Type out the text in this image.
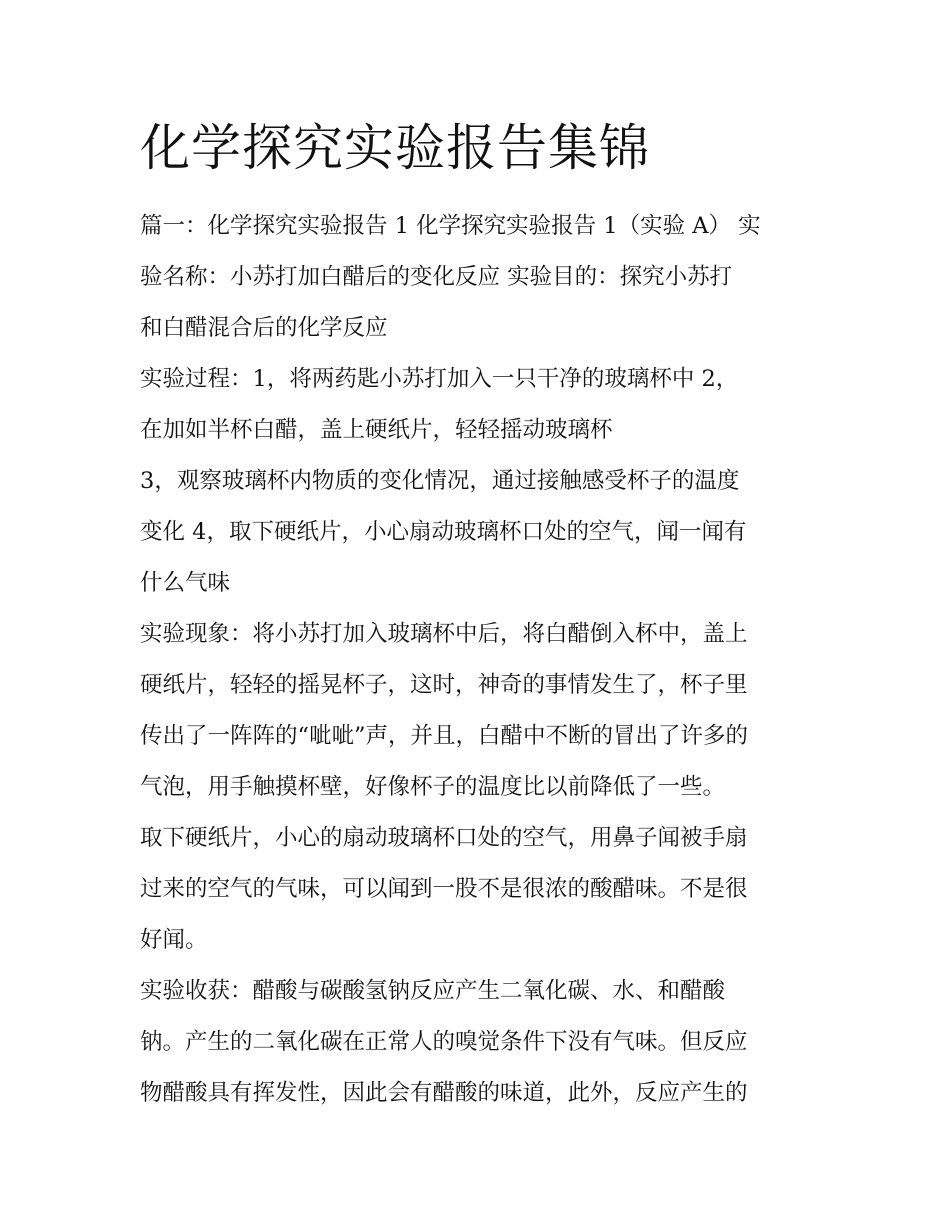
化学探究实验报告集锦
篇一：化学探究实验报告 1 化学探究实验报告 1（实验 A） 实
验名称：小苏打加白醋后的变化反应 实验目的：探究小苏打
和白醋混合后的化学反应
实验过程：1，将两药匙小苏打加入一只干净的玻璃杯中 2，
在加如半杯白醋，盖上硬纸片，轻轻摇动玻璃杯
3，观察玻璃杯内物质的变化情况，通过接触感受杯子的温度
变化 4，取下硬纸片，小心扇动玻璃杯口处的空气，闻一闻有
什么气味
实验现象：将小苏打加入玻璃杯中后，将白醋倒入杯中，盖上
硬纸片，轻轻的摇晃杯子，这时，神奇的事情发生了，杯子里
传出了一阵阵的“呲呲”声，并且，白醋中不断的冒出了许多的
气泡，用手触摸杯壁，好像杯子的温度比以前降低了一些。
取下硬纸片，小心的扇动玻璃杯口处的空气，用鼻子闻被手扇
过来的空气的气味，可以闻到一股不是很浓的酸醋味。不是很
好闻。
实验收获：醋酸与碳酸氢钠反应产生二氧化碳、水、和醋酸
钠。产生的二氧化碳在正常人的嗅觉条件下没有气味。但反应
物醋酸具有挥发性，因此会有醋酸的味道，此外，反应产生的
